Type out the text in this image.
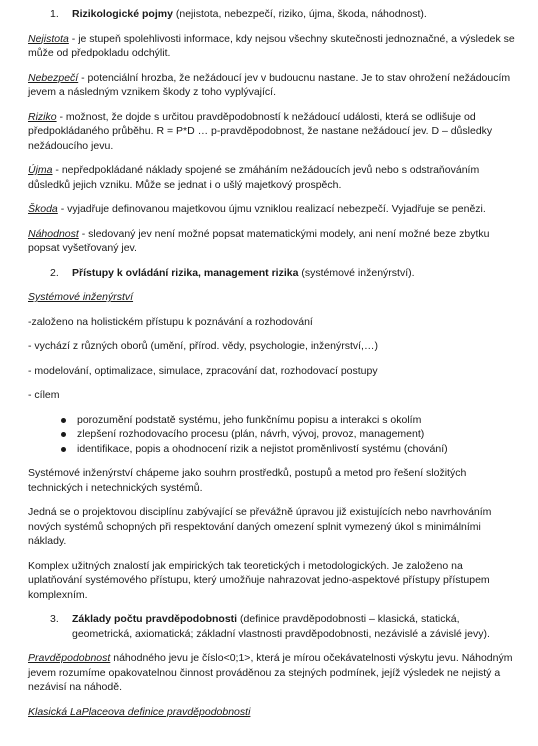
1.	Rizikologické pojmy (nejistota, nebezpečí, riziko, újma, škoda, náhodnost).

Nejistota - je stupeň spolehlivosti informace, kdy nejsou všechny skutečnosti jednoznačné, a výsledek se může od předpokladu odchýlit.

Nebezpečí - potenciální hrozba, že nežádoucí jev v budoucnu nastane. Je to stav ohrožení nežádoucím jevem a následným vznikem škody z toho vyplývající.

Riziko - možnost, že dojde s určitou pravděpodobností k nežádoucí události, která se odlišuje od předpokládaného průběhu. R = P*D … p-pravděpodobnost, že nastane nežádoucí jev. D – důsledky nežádoucího jevu.

Újma - nepředpokládané náklady spojené se zmáháním nežádoucích jevů nebo s odstraňováním důsledků jejich vzniku. Může se jednat i o ušlý majetkový prospěch.

Škoda - vyjadřuje definovanou majetkovou újmu vzniklou realizací nebezpečí. Vyjadřuje se penězi.

Náhodnost - sledovaný jev není možné popsat matematickými modely, ani není možné beze zbytku popsat vyšetřovaný jev.

2.	Přístupy k ovládání rizika, management rizika (systémové inženýrství).
Systémové inženýrství

-založeno na holistickém přístupu k poznávání a rozhodování

- vychází z různých oborů (umění, přírod. vědy, psychologie, inženýrství,…)

- modelování, optimalizace, simulace, zpracování dat, rozhodovací postupy

- cílem

porozumění podstatě systému, jeho funkčnímu popisu a interakci s okolím
zlepšení rozhodovacího procesu (plán, návrh, vývoj, provoz, management)
identifikace, popis a ohodnocení rizik a nejistot proměnlivostí systému (chování)

Systémové inženýrství chápeme jako souhrn prostředků, postupů a metod pro řešení složitých technických i netechnických systémů.

Jedná se o projektovou disciplínu zabývající se převážně úpravou již existujících nebo navrhováním nových systémů schopných při respektování daných omezení splnit vymezený úkol s minimálními náklady.

Komplex užitných znalostí jak empirických tak teoretických i metodologických. Je založeno na uplatňování systémového přístupu, který umožňuje nahrazovat jedno-aspektové přístupy přístupem komplexním.

3.	Základy počtu pravděpodobnosti (definice pravděpodobnosti – klasická, statická, geometrická, axiomatická; základní vlastnosti pravděpodobnosti, nezávislé a závislé jevy).

Pravděpodobnost náhodného jevu je číslo<0;1>, která je mírou očekávatelnosti výskytu jevu. Náhodným jevem rozumíme opakovatelnou činnost prováděnou za stejných podmínek, jejíž výsledek ne nejistý a nezávisí na náhodě.

Klasická LaPlaceova definice pravděpodobnosti
